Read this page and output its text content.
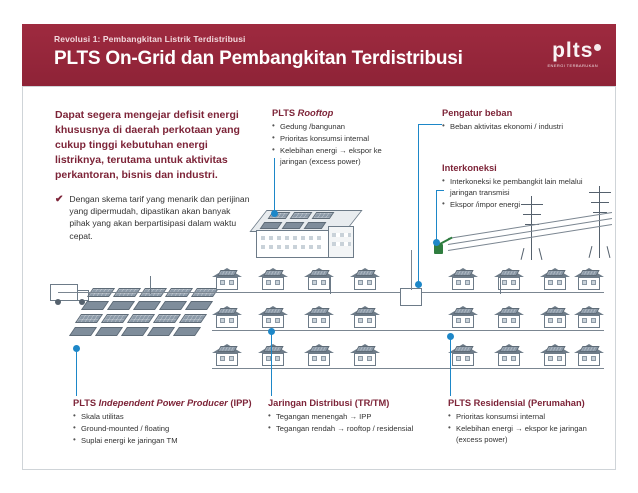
Revolusi 1: Pembangkitan Listrik Terdistribusi
PLTS On-Grid dan Pembangkitan Terdistribusi	plts
ENERGI TERBARUKAN
Dapat segera mengejar defisit energi khususnya di daerah perkotaan yang cukup tinggi kebutuhan energi listriknya, terutama untuk aktivitas perkantoran, bisnis dan industri.
✔ Dengan skema tarif yang menarik dan perijinan yang dipermudah, dipastikan akan banyak pihak yang akan berpartisipasi dalam waktu cepat.
PLTS Rooftop
• Gedung /bangunan
• Prioritas konsumsi internal
• Kelebihan energi → ekspor ke jaringan (excess power)
Pengatur beban
• Beban aktivitas ekonomi / industri
Interkoneksi
• Interkoneksi ke pembangkit lain melalui jaringan transmisi
• Ekspor /impor energi
PLTS Independent Power Producer (IPP)
• Skala utilitas
• Ground-mounted / floating
• Suplai energi ke jaringan TM
Jaringan Distribusi (TR/TM)
• Tegangan menengah → IPP
• Tegangan rendah → rooftop / residensial
PLTS Residensial (Perumahan)
• Prioritas konsumsi internal
• Kelebihan energi → ekspor ke jaringan (excess power)
